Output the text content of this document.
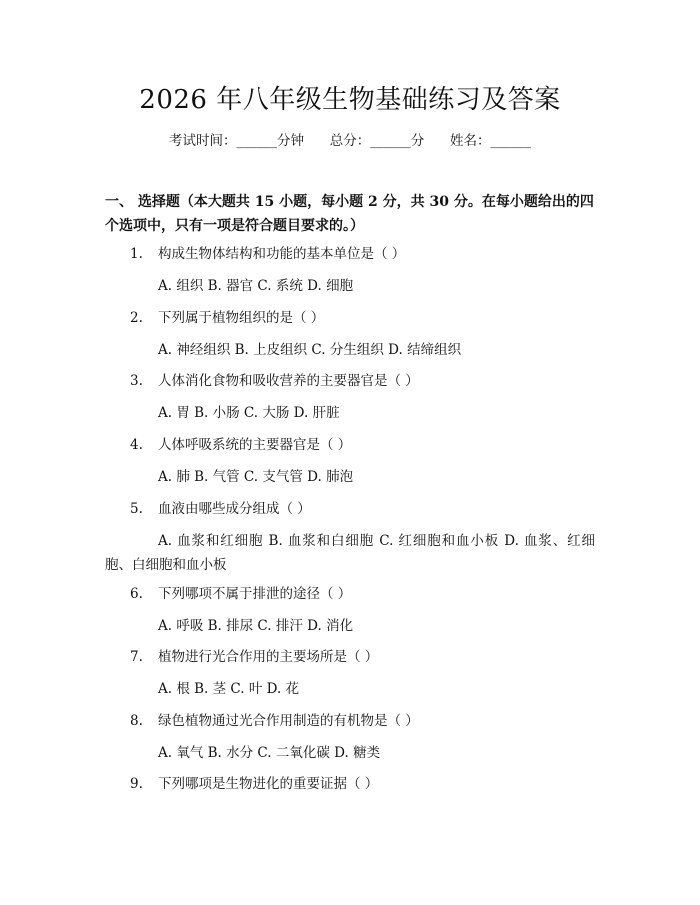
2026 年八年级生物基础练习及答案
考试时间：______分钟      总分：______分      姓名：______
一、 选择题（本大题共 15 小题，每小题 2 分，共 30 分。在每小题给出的四个选项中，只有一项是符合题目要求的。）
1. 构成生物体结构和功能的基本单位是（ ）
A. 组织 B. 器官 C. 系统 D. 细胞
2. 下列属于植物组织的是（ ）
A. 神经组织 B. 上皮组织 C. 分生组织 D. 结缔组织
3. 人体消化食物和吸收营养的主要器官是（ ）
A. 胃 B. 小肠 C. 大肠 D. 肝脏
4. 人体呼吸系统的主要器官是（ ）
A. 肺 B. 气管 C. 支气管 D. 肺泡
5. 血液由哪些成分组成（ ）
A. 血浆和红细胞 B. 血浆和白细胞 C. 红细胞和血小板 D. 血浆、红细胞、白细胞和血小板
6. 下列哪项不属于排泄的途径（ ）
A. 呼吸 B. 排尿 C. 排汗 D. 消化
7. 植物进行光合作用的主要场所是（ ）
A. 根 B. 茎 C. 叶 D. 花
8. 绿色植物通过光合作用制造的有机物是（ ）
A. 氧气 B. 水分 C. 二氧化碳 D. 糖类
9. 下列哪项是生物进化的重要证据（ ）
